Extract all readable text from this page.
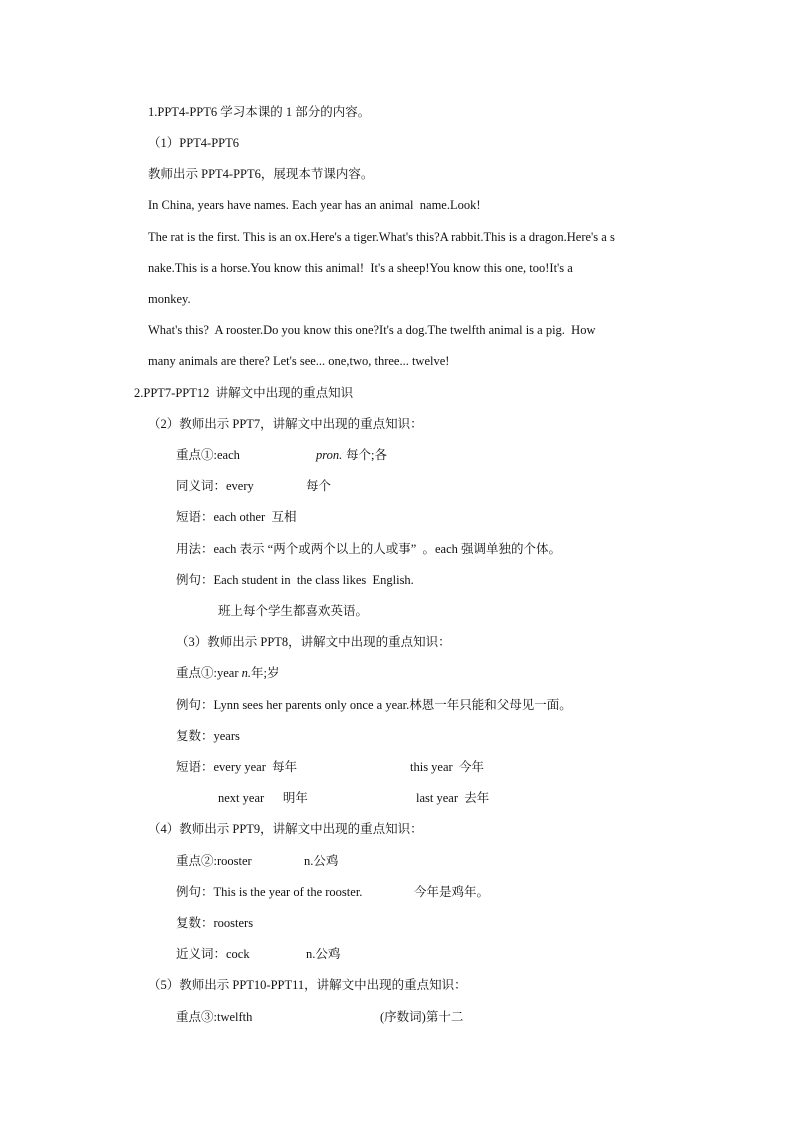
1.PPT4-PPT6 学习本课的 1 部分的内容。
（1）PPT4-PPT6
教师出示 PPT4-PPT6，展现本节课内容。
In China, years have names. Each year has an animal  name.Look!
The rat is the first. This is an ox.Here's a tiger.What's this?A rabbit.This is a dragon.Here's a s
nake.This is a horse.You know this animal!  It's a sheep!You know this one, too!It's a
monkey.
What's this?  A rooster.Do you know this one?It's a dog.The twelfth animal is a pig.  How
many animals are there? Let's see... one,two, three... twelve!
2.PPT7-PPT12  讲解文中出现的重点知识
（2）教师出示 PPT7，讲解文中出现的重点知识：
重点①:each	pron. 每个;各
同义词：every	每个
短语：each other  互相
用法：each 表示 “两个或两个以上的人或事”  。each 强调单独的个体。
例句：Each student in  the class likes  English.
班上每个学生都喜欢英语。
（3）教师出示 PPT8，讲解文中出现的重点知识：
重点①:year n.年;岁
例句：Lynn sees her parents only once a year.林恩一年只能和父母见一面。
复数：years
短语：every year  每年	this year  今年
next year      明年	last year  去年
（4）教师出示 PPT9，讲解文中出现的重点知识：
重点②:rooster	n.公鸡
例句：This is the year of the rooster.	今年是鸡年。
复数：roosters
近义词：cock	n.公鸡
（5）教师出示 PPT10-PPT11，讲解文中出现的重点知识：
重点③:twelfth	(序数词)第十二
